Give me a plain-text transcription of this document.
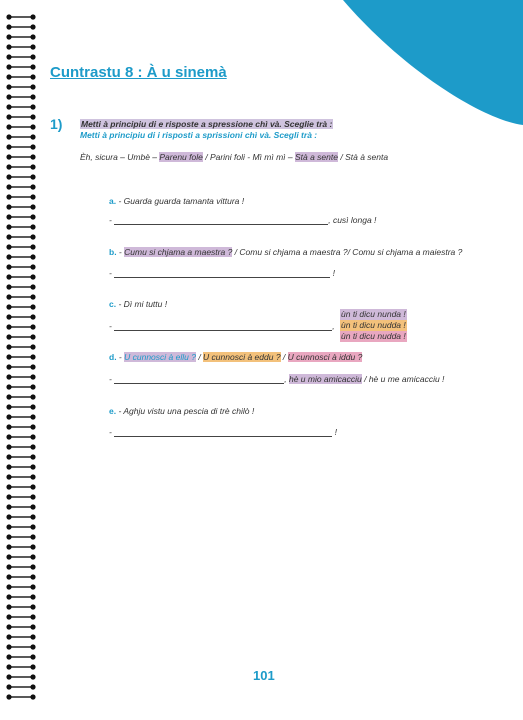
Cuntrastu 8 : À u sinemà
1) Metti à principiu di e risposte a spressione chì và. Sceglie trà :
Metti à principiu di i risposti a sprissioni chì và. Scegli trà :
Èh, sicura – Umbè – Parenu fole / Parini foli - Mì mì mì – Stà a sente / Stà à senta
a. - Guarda guarda tamanta vittura !
-	, cusì longa !
b. - Cumu si chjama a maestra ? / Comu si chjama a maestra ?/ Comu si chjama a maiestra ?
-	!
c. - Dì mi tuttu !
-	,
ùn ti dicu nunda !
ùn ti dicu nudda !
ùn ti dicu nudda !
d. - U cunnosci à ellu ? / U cunnosci à eddu ? / U cunnosci à iddu ?
-	, hè u mio amicacciu / hè u me amicacciu !
e. - Aghju vistu una pescia di trè chilò !
-	!
101
